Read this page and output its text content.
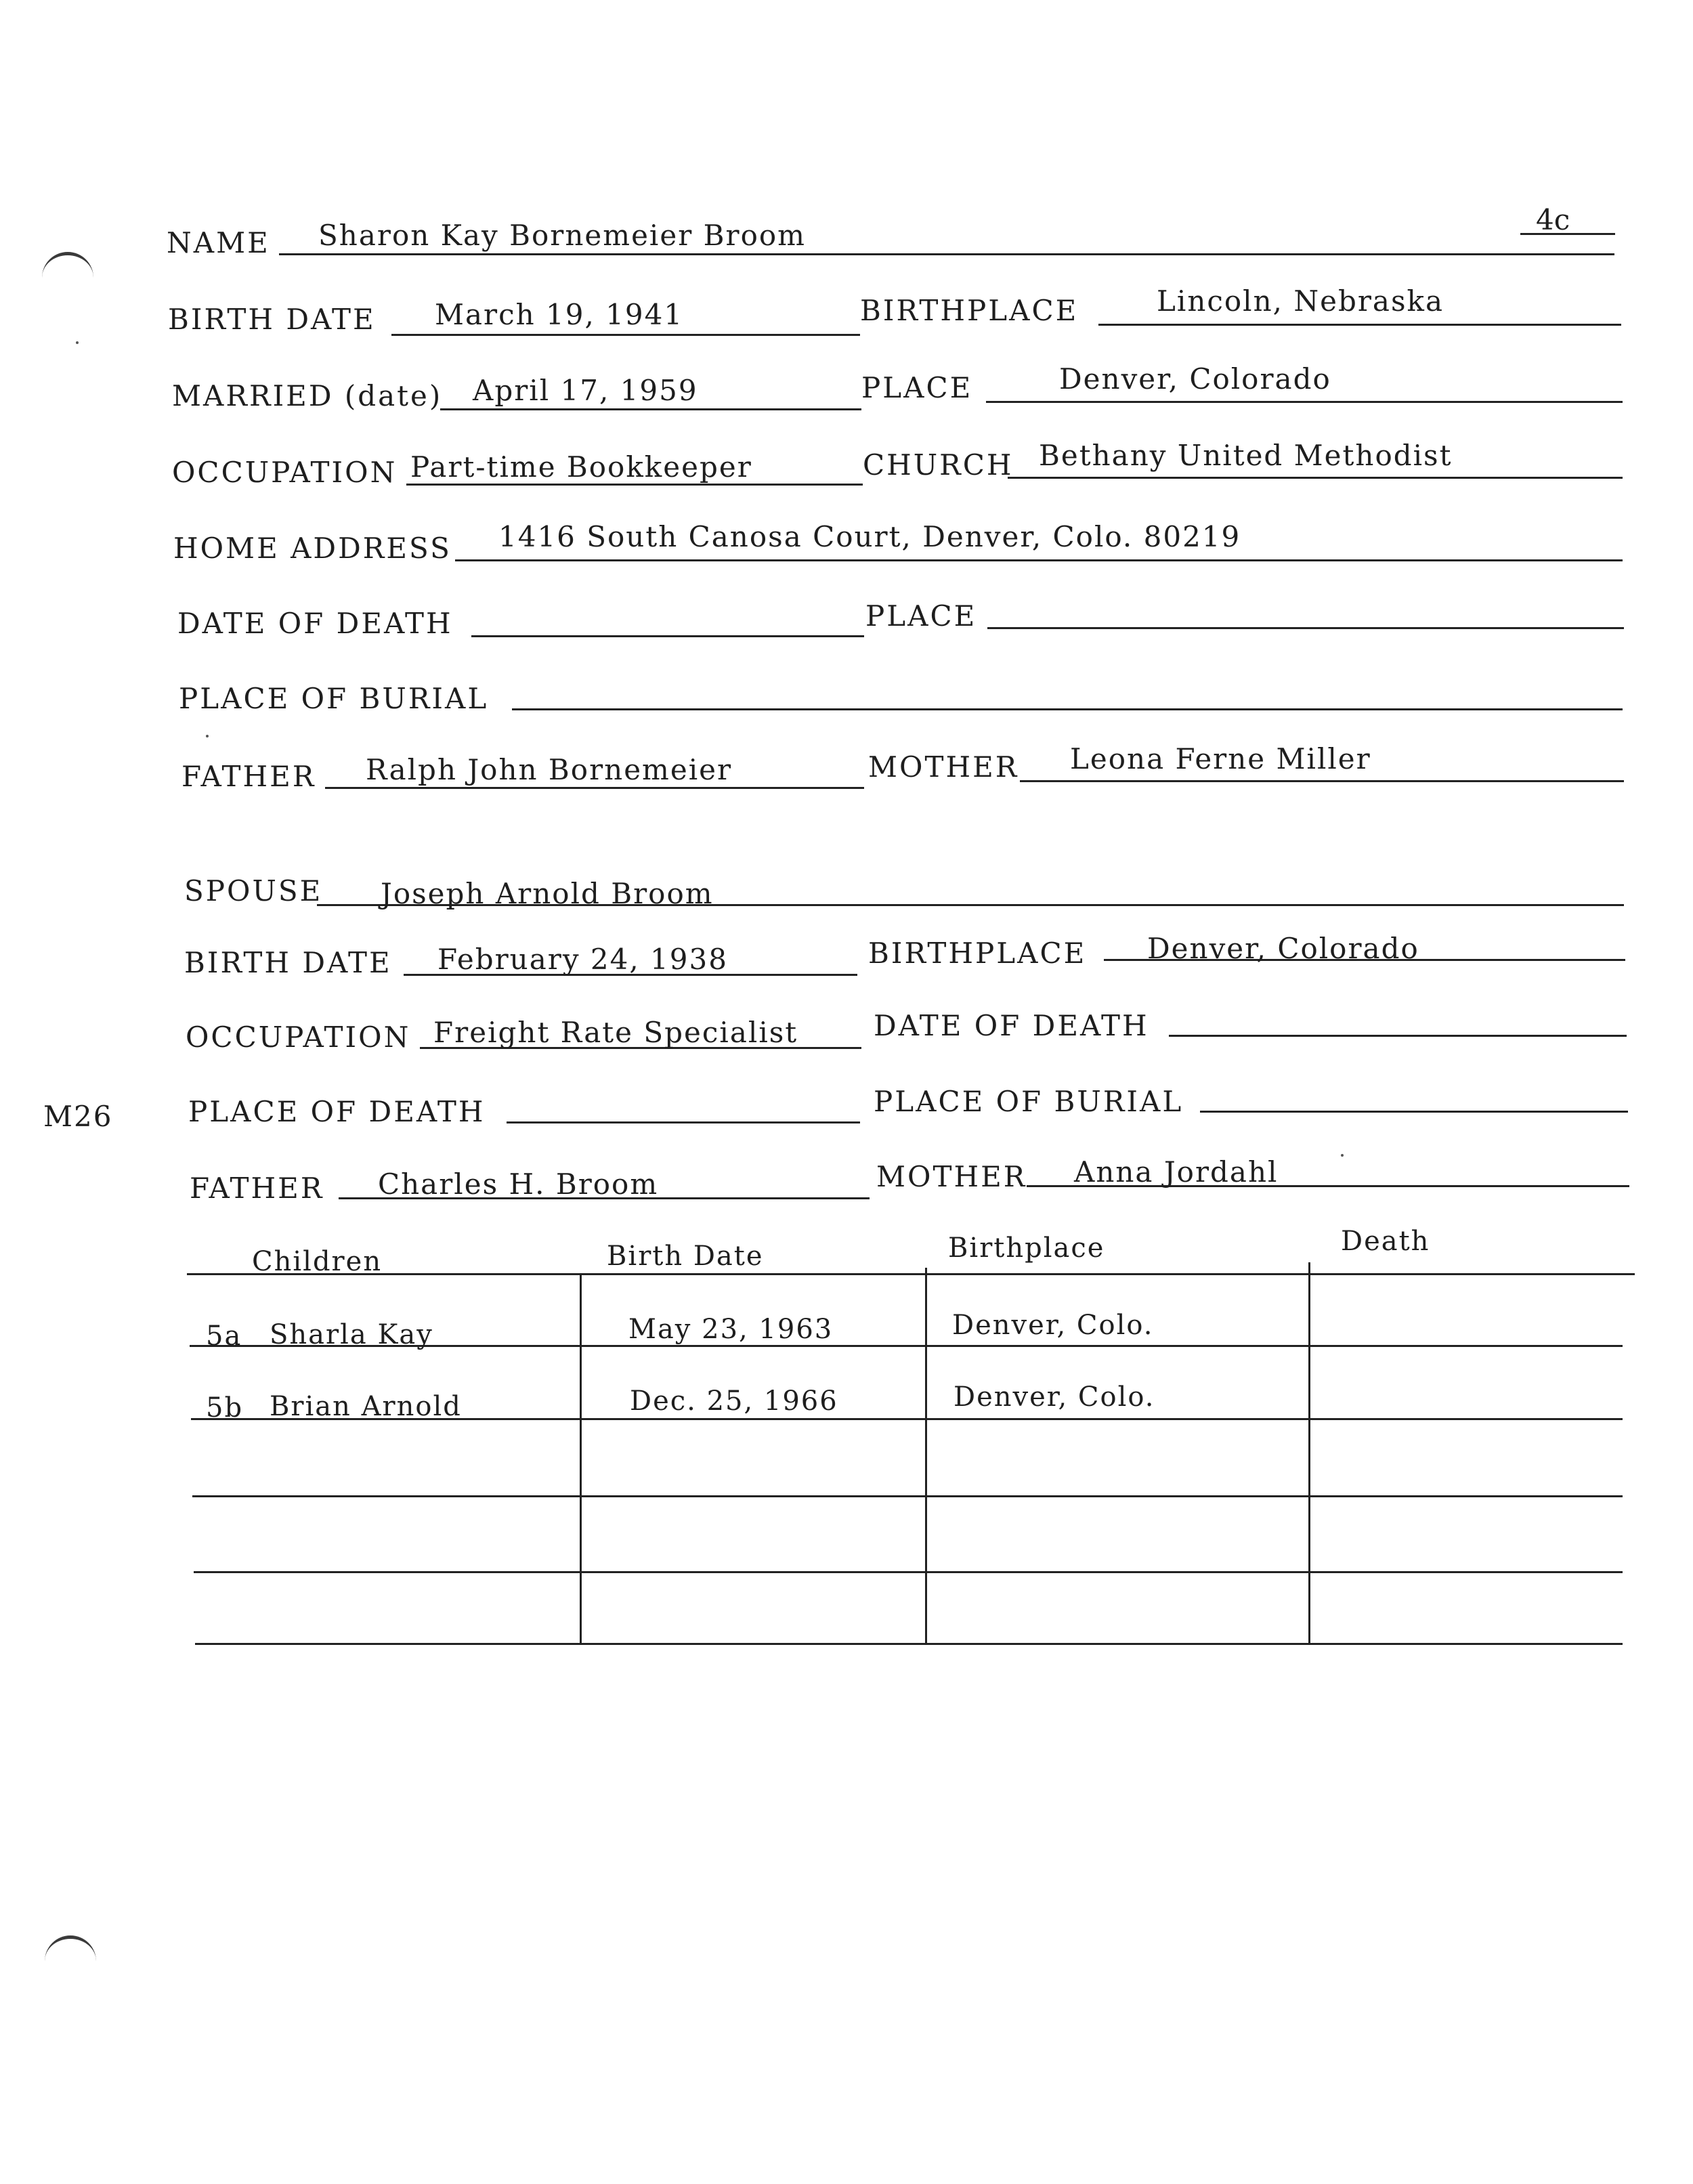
4c
M26
NAME Sharon Kay Bornemeier Broom
BIRTH DATE March 19, 1941	BIRTHPLACE	Lincoln, Nebraska
MARRIED (date) April 17, 1959	PLACE	Denver, Colorado
OCCUPATION Part-time Bookkeeper	CHURCH Bethany United Methodist
HOME ADDRESS 1416 South Canosa Court, Denver, Colo. 80219
DATE OF DEATH	PLACE
PLACE OF BURIAL
FATHER Ralph John Bornemeier	MOTHER Leona Ferne Miller
SPOUSE Joseph Arnold Broom
BIRTH DATE February 24, 1938	BIRTHPLACE Denver, Colorado
OCCUPATION Freight Rate Specialist	DATE OF DEATH
PLACE OF DEATH	PLACE OF BURIAL
FATHER Charles H. Broom	MOTHER Anna Jordahl
Children	Birth Date	Birthplace	Death
5a Sharla Kay	May 23, 1963	Denver, Colo.
5b Brian Arnold	Dec. 25, 1966	Denver, Colo.
